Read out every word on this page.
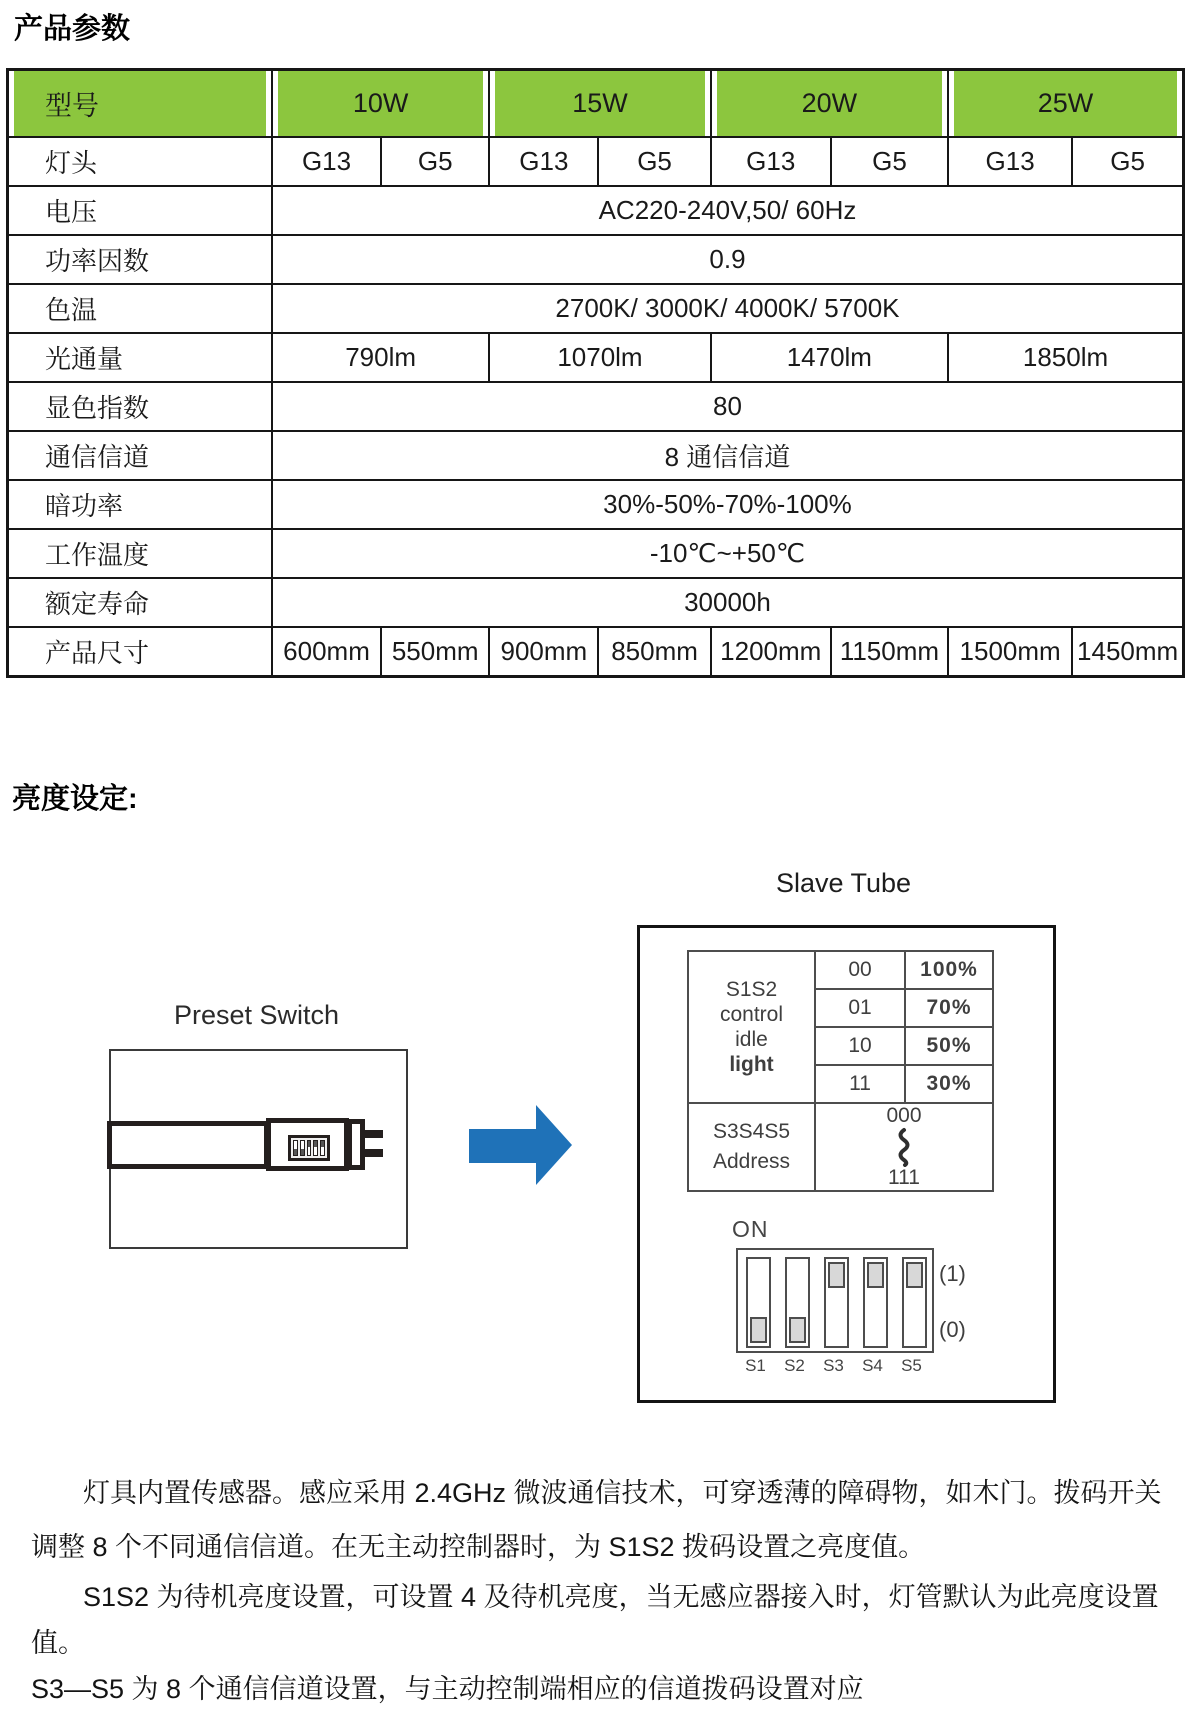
产品参数
型号	10W		15W		20W		25W	

灯头	G13	G5	G13	G5	G13	G5	G13	G5
电压	AC220-240V,50/ 60Hz							
功率因数	0.9							
色温	2700K/ 3000K/ 4000K/ 5700K							
光通量	790lm		1070lm		1470lm		1850lm	
显色指数	80							
通信信道	8 通信信道							
暗功率	30%-50%-70%-100%							
工作温度	-10℃~+50℃							
额定寿命	30000h							
产品尺寸	600mm	550mm	900mm	850mm	1200mm	1150mm	1500mm	1450mm
亮度设定:
Preset Switch
Slave Tube
S1S2
control
idle
light	00	100%
	01	70%
	10	50%
	11	30%
S3S4S5
Address	000
111	
ON
(1)
(0)
S1	S2	S3	S4	S5

灯具内置传感器。感应采用 2.4GHz 微波通信技术，可穿透薄的障碍物，如木门。拨码开关调整 8 个不同通信信道。在无主动控制器时，为 S1S2 拨码设置之亮度值。

S1S2 为待机亮度设置，可设置 4 及待机亮度，当无感应器接入时，灯管默认为此亮度设置值。

S3—S5 为 8 个通信信道设置，与主动控制端相应的信道拨码设置对应
